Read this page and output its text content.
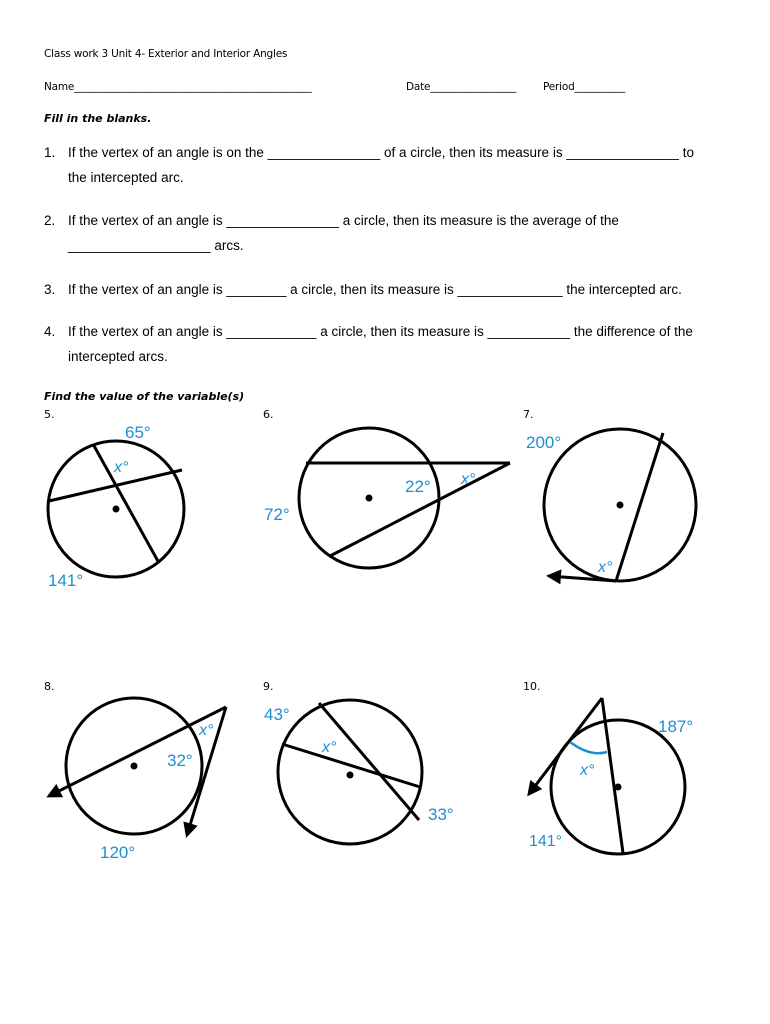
Class work 3 Unit 4- Exterior and Interior Angles
Name_______________________________________________	Date_________________	Period__________
Fill in the blanks.
1. If the vertex of an angle is on the _______________ of a circle, then its measure is _______________ to
the intercepted arc.
2. If the vertex of an angle is _______________ a circle, then its measure is the average of the
___________________ arcs.
3. If the vertex of an angle is ________ a circle, then its measure is ______________ the intercepted arc.
4. If the vertex of an angle is ____________ a circle, then its measure is ___________ the difference of the
intercepted arcs.
Find the value of the variable(s)
5.	6.	7.
8.	9.	10.
65°
x°
141°
72°
22° x°
200°
x°
x°
32°
120°
43°
x°
33°
187°
x°
141°
